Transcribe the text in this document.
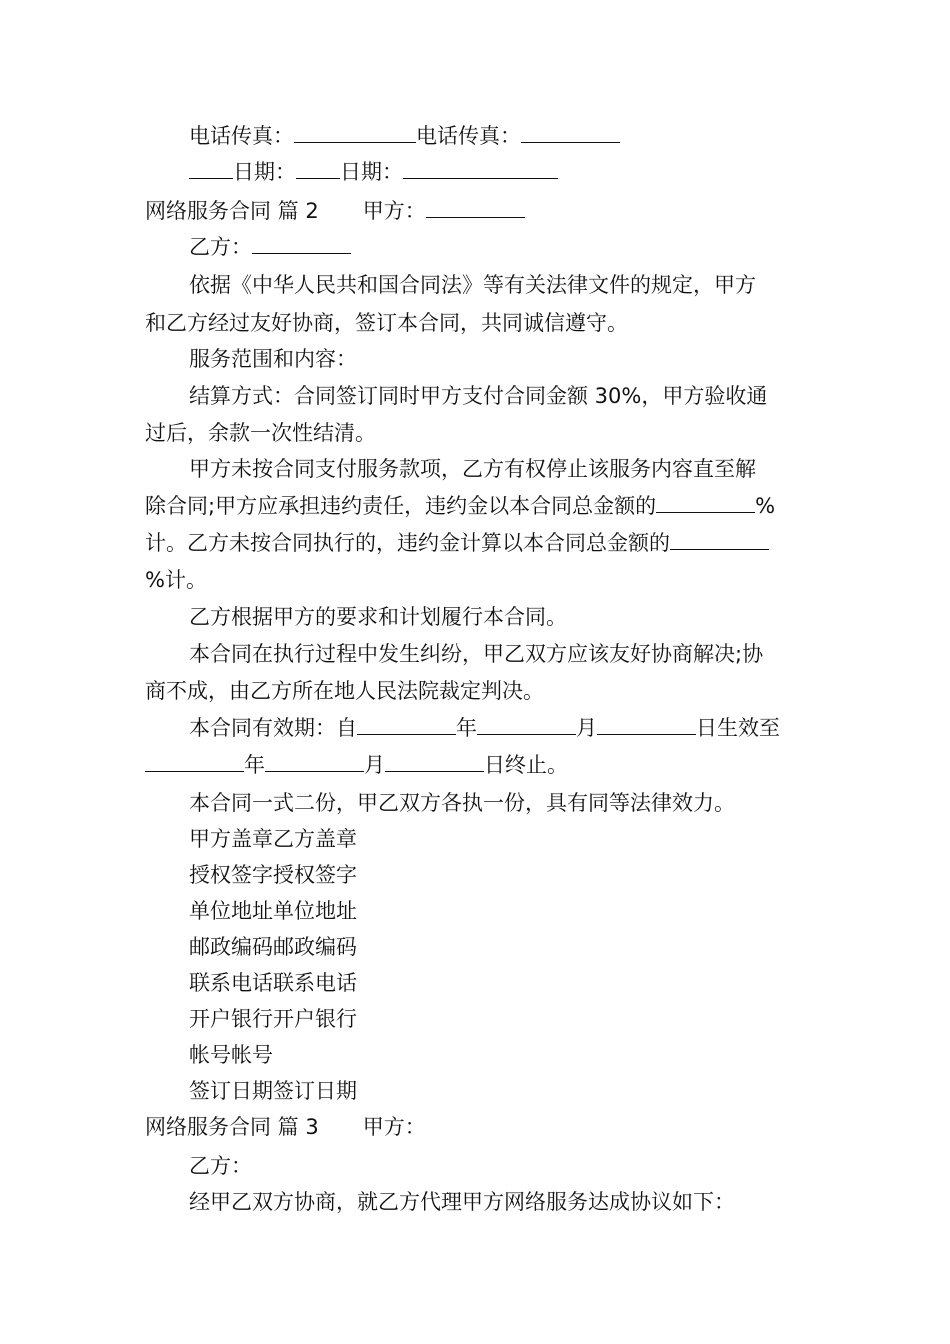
电话传真：	电话传真：
日期： 日期：
网络服务合同 篇 2 甲方：
乙方：
依据《中华人民共和国合同法》等有关法律文件的规定，甲方
和乙方经过友好协商，签订本合同，共同诚信遵守。
服务范围和内容：
结算方式：合同签订同时甲方支付合同金额 30%，甲方验收通
过后，余款一次性结清。
甲方未按合同支付服务款项，乙方有权停止该服务内容直至解
除合同;甲方应承担违约责任，违约金以本合同总金额的	%
计。乙方未按合同执行的，违约金计算以本合同总金额的
%计。
乙方根据甲方的要求和计划履行本合同。
本合同在执行过程中发生纠纷，甲乙双方应该友好协商解决;协
商不成，由乙方所在地人民法院裁定判决。
本合同有效期：自	年	月	日生效至
年	月	日终止。
本合同一式二份，甲乙双方各执一份，具有同等法律效力。
甲方盖章乙方盖章
授权签字授权签字
单位地址单位地址
邮政编码邮政编码
联系电话联系电话
开户银行开户银行
帐号帐号
签订日期签订日期
网络服务合同 篇 3 甲方：
乙方：
经甲乙双方协商，就乙方代理甲方网络服务达成协议如下：
